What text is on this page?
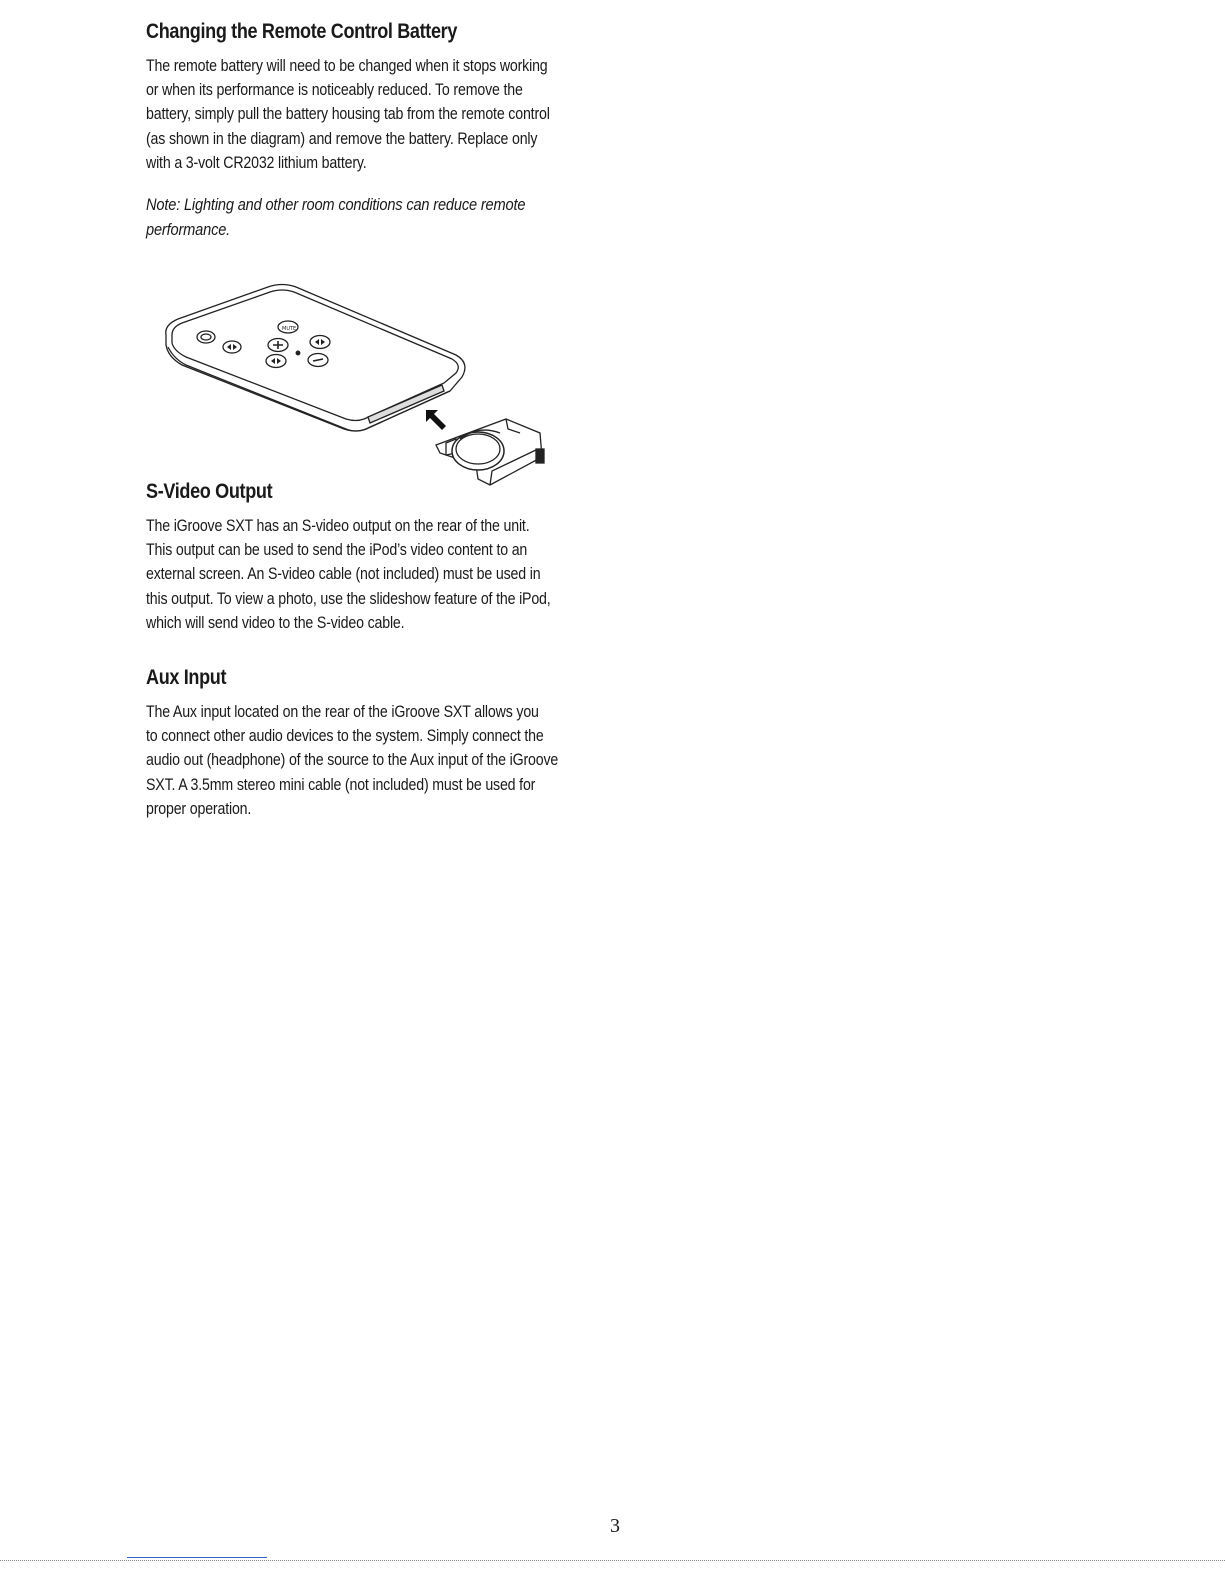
Changing the Remote Control Battery

The remote battery will need to be changed when it stops working
or when its performance is noticeably reduced. To remove the
battery, simply pull the battery housing tab from the remote control
(as shown in the diagram) and remove the battery. Replace only
with a 3-volt CR2032 lithium battery.

Note: Lighting and other room conditions can reduce remote
performance.

MUTE
S-Video Output

The iGroove SXT has an S-video output on the rear of the unit.
This output can be used to send the iPod’s video content to an
external screen. An S-video cable (not included) must be used in
this output. To view a photo, use the slideshow feature of the iPod,
which will send video to the S-video cable.

Aux Input

The Aux input located on the rear of the iGroove SXT allows you
to connect other audio devices to the system. Simply connect the
audio out (headphone) of the source to the Aux input of the iGroove
SXT. A 3.5mm stereo mini cable (not included) must be used for
proper operation.

3
